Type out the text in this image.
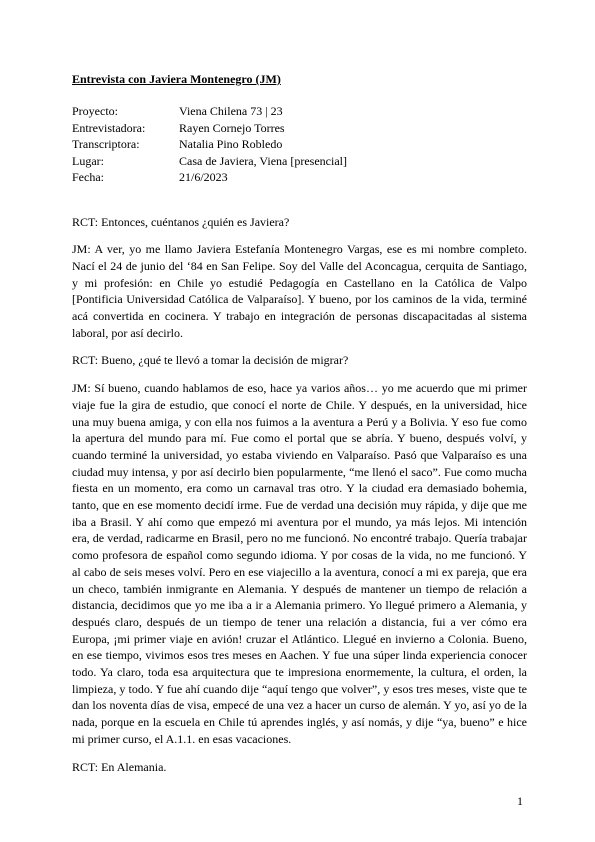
Entrevista con Javiera Montenegro (JM)
Proyecto:	Viena Chilena 73 | 23
Entrevistadora:	Rayen Cornejo Torres
Transcriptora:	Natalia Pino Robledo
Lugar:	Casa de Javiera, Viena [presencial]
Fecha:	21/6/2023

RCT: Entonces, cuéntanos ¿quién es Javiera?

JM: A ver, yo me llamo Javiera Estefanía Montenegro Vargas, ese es mi nombre completo. Nací el 24 de junio del ‘84 en San Felipe. Soy del Valle del Aconcagua, cerquita de Santiago, y mi profesión: en Chile yo estudié Pedagogía en Castellano en la Católica de Valpo [Pontificia Universidad Católica de Valparaíso]. Y bueno, por los caminos de la vida, terminé acá convertida en cocinera. Y trabajo en integración de personas discapacitadas al sistema laboral, por así decirlo.

RCT: Bueno, ¿qué te llevó a tomar la decisión de migrar?

JM: Sí bueno, cuando hablamos de eso, hace ya varios años… yo me acuerdo que mi primer viaje fue la gira de estudio, que conocí el norte de Chile. Y después, en la universidad, hice una muy buena amiga, y con ella nos fuimos a la aventura a Perú y a Bolivia. Y eso fue como la apertura del mundo para mí. Fue como el portal que se abría. Y bueno, después volví, y cuando terminé la universidad, yo estaba viviendo en Valparaíso. Pasó que Valparaíso es una ciudad muy intensa, y por así decirlo bien popularmente, “me llenó el saco”. Fue como mucha fiesta en un momento, era como un carnaval tras otro. Y la ciudad era demasiado bohemia, tanto, que en ese momento decidí irme. Fue de verdad una decisión muy rápida, y dije que me iba a Brasil. Y ahí como que empezó mi aventura por el mundo, ya más lejos. Mi intención era, de verdad, radicarme en Brasil, pero no me funcionó. No encontré trabajo. Quería trabajar como profesora de español como segundo idioma. Y por cosas de la vida, no me funcionó. Y al cabo de seis meses volví. Pero en ese viajecillo a la aventura, conocí a mi ex pareja, que era un checo, también inmigrante en Alemania. Y después de mantener un tiempo de relación a distancia, decidimos que yo me iba a ir a Alemania primero. Yo llegué primero a Alemania, y después claro, después de un tiempo de tener una relación a distancia, fui a ver cómo era Europa, ¡mi primer viaje en avión! cruzar el Atlántico. Llegué en invierno a Colonia. Bueno, en ese tiempo, vivimos esos tres meses en Aachen. Y fue una súper linda experiencia conocer todo. Ya claro, toda esa arquitectura que te impresiona enormemente, la cultura, el orden, la limpieza, y todo. Y fue ahí cuando dije “aquí tengo que volver”, y esos tres meses, viste que te dan los noventa días de visa, empecé de una vez a hacer un curso de alemán. Y yo, así yo de la nada, porque en la escuela en Chile tú aprendes inglés, y así nomás, y dije “ya, bueno” e hice mi primer curso, el A.1.1. en esas vacaciones.

RCT: En Alemania.

1
